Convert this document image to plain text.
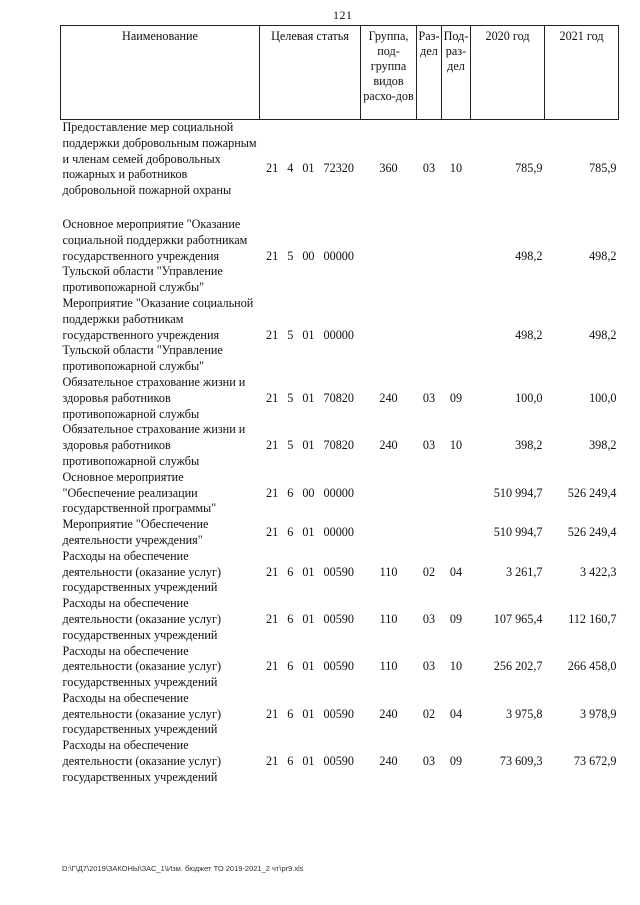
121
Наименование	Целевая статья	Группа, под-группа видов расхо-дов	Раз-дел	Под-раз-дел	2020 год	2021 год
Предоставление мер социальной поддержки добровольным пожарным и членам семей добровольных пожарных и работников добровольной пожарной охраны	21 4 01 72320	360	03	10	785,9	785,9
Основное мероприятие "Оказание социальной поддержки работникам государственного учреждения Тульской области "Управление противопожарной службы"	21 5 00 00000				498,2	498,2
Мероприятие "Оказание социальной поддержки работникам государственного учреждения Тульской области "Управление противопожарной службы"	21 5 01 00000				498,2	498,2
Обязательное страхование жизни и здоровья работников противопожарной службы	21 5 01 70820	240	03	09	100,0	100,0
Обязательное страхование жизни и здоровья работников противопожарной службы	21 5 01 70820	240	03	10	398,2	398,2
Основное мероприятие "Обеспечение реализации государственной программы"	21 6 00 00000				510 994,7	526 249,4
Мероприятие "Обеспечение деятельности учреждения"	21 6 01 00000				510 994,7	526 249,4
Расходы на обеспечение деятельности (оказание услуг) государственных учреждений	21 6 01 00590	110	02	04	3 261,7	3 422,3
Расходы на обеспечение деятельности (оказание услуг) государственных учреждений	21 6 01 00590	110	03	09	107 965,4	112 160,7
Расходы на обеспечение деятельности (оказание услуг) государственных учреждений	21 6 01 00590	110	03	10	256 202,7	266 458,0
Расходы на обеспечение деятельности (оказание услуг) государственных учреждений	21 6 01 00590	240	02	04	3 975,8	3 978,9
Расходы на обеспечение деятельности (оказание услуг) государственных учреждений	21 6 01 00590	240	03	09	73 609,3	73 672,9
D:\Г\Д7\2019\ЗАКОНЫ\ЗАС_1\Изм. бюджет ТО 2019-2021_2 чт\pr9.xls
